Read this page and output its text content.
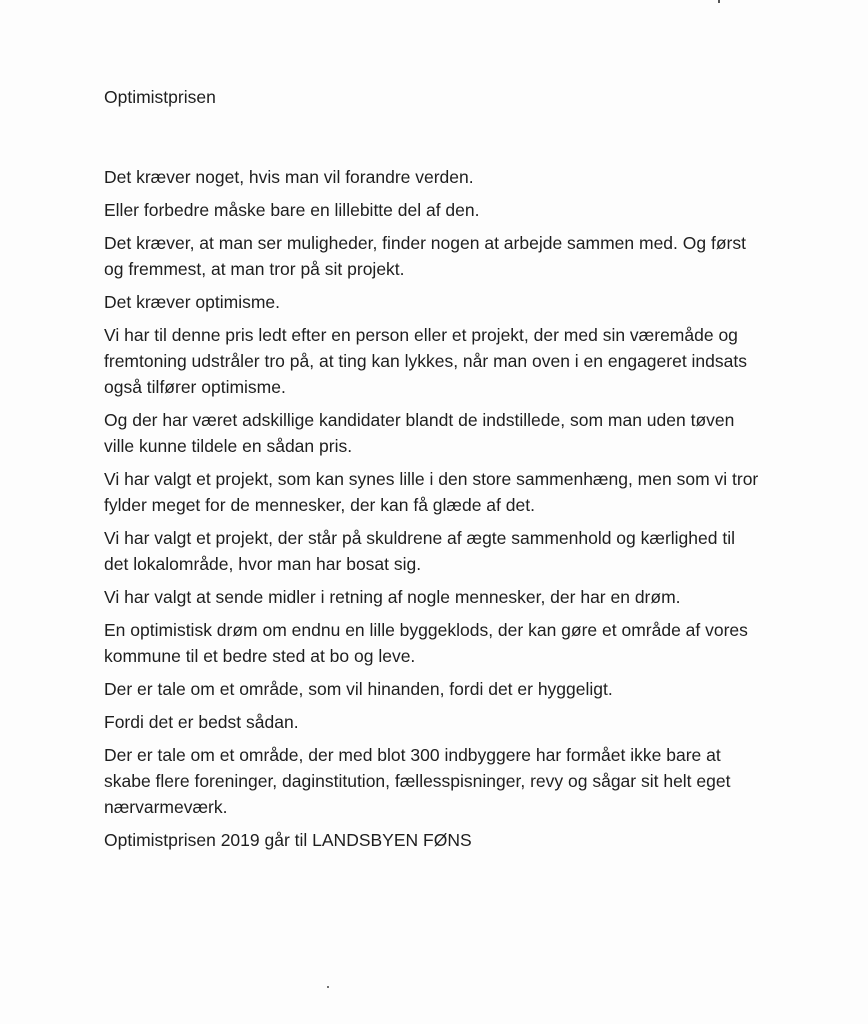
Optimistprisen

Det kræver noget, hvis man vil forandre verden.

Eller forbedre måske bare en lillebitte del af den.

Det kræver, at man ser muligheder, finder nogen at arbejde sammen med. Og først
og fremmest, at man tror på sit projekt.

Det kræver optimisme.

Vi har til denne pris ledt efter en person eller et projekt, der med sin væremåde og
fremtoning udstråler tro på, at ting kan lykkes, når man oven i en engageret indsats
også tilfører optimisme.

Og der har været adskillige kandidater blandt de indstillede, som man uden tøven
ville kunne tildele en sådan pris.

Vi har valgt et projekt, som kan synes lille i den store sammenhæng, men som vi tror
fylder meget for de mennesker, der kan få glæde af det.

Vi har valgt et projekt, der står på skuldrene af ægte sammenhold og kærlighed til
det lokalområde, hvor man har bosat sig.

Vi har valgt at sende midler i retning af nogle mennesker, der har en drøm.

En optimistisk drøm om endnu en lille byggeklods, der kan gøre et område af vores
kommune til et bedre sted at bo og leve.

Der er tale om et område, som vil hinanden, fordi det er hyggeligt.

Fordi det er bedst sådan.

Der er tale om et område, der med blot 300 indbyggere har formået ikke bare at
skabe flere foreninger, daginstitution, fællesspisninger, revy og sågar sit helt eget
nærvarmeværk.

Optimistprisen 2019 går til LANDSBYEN FØNS
